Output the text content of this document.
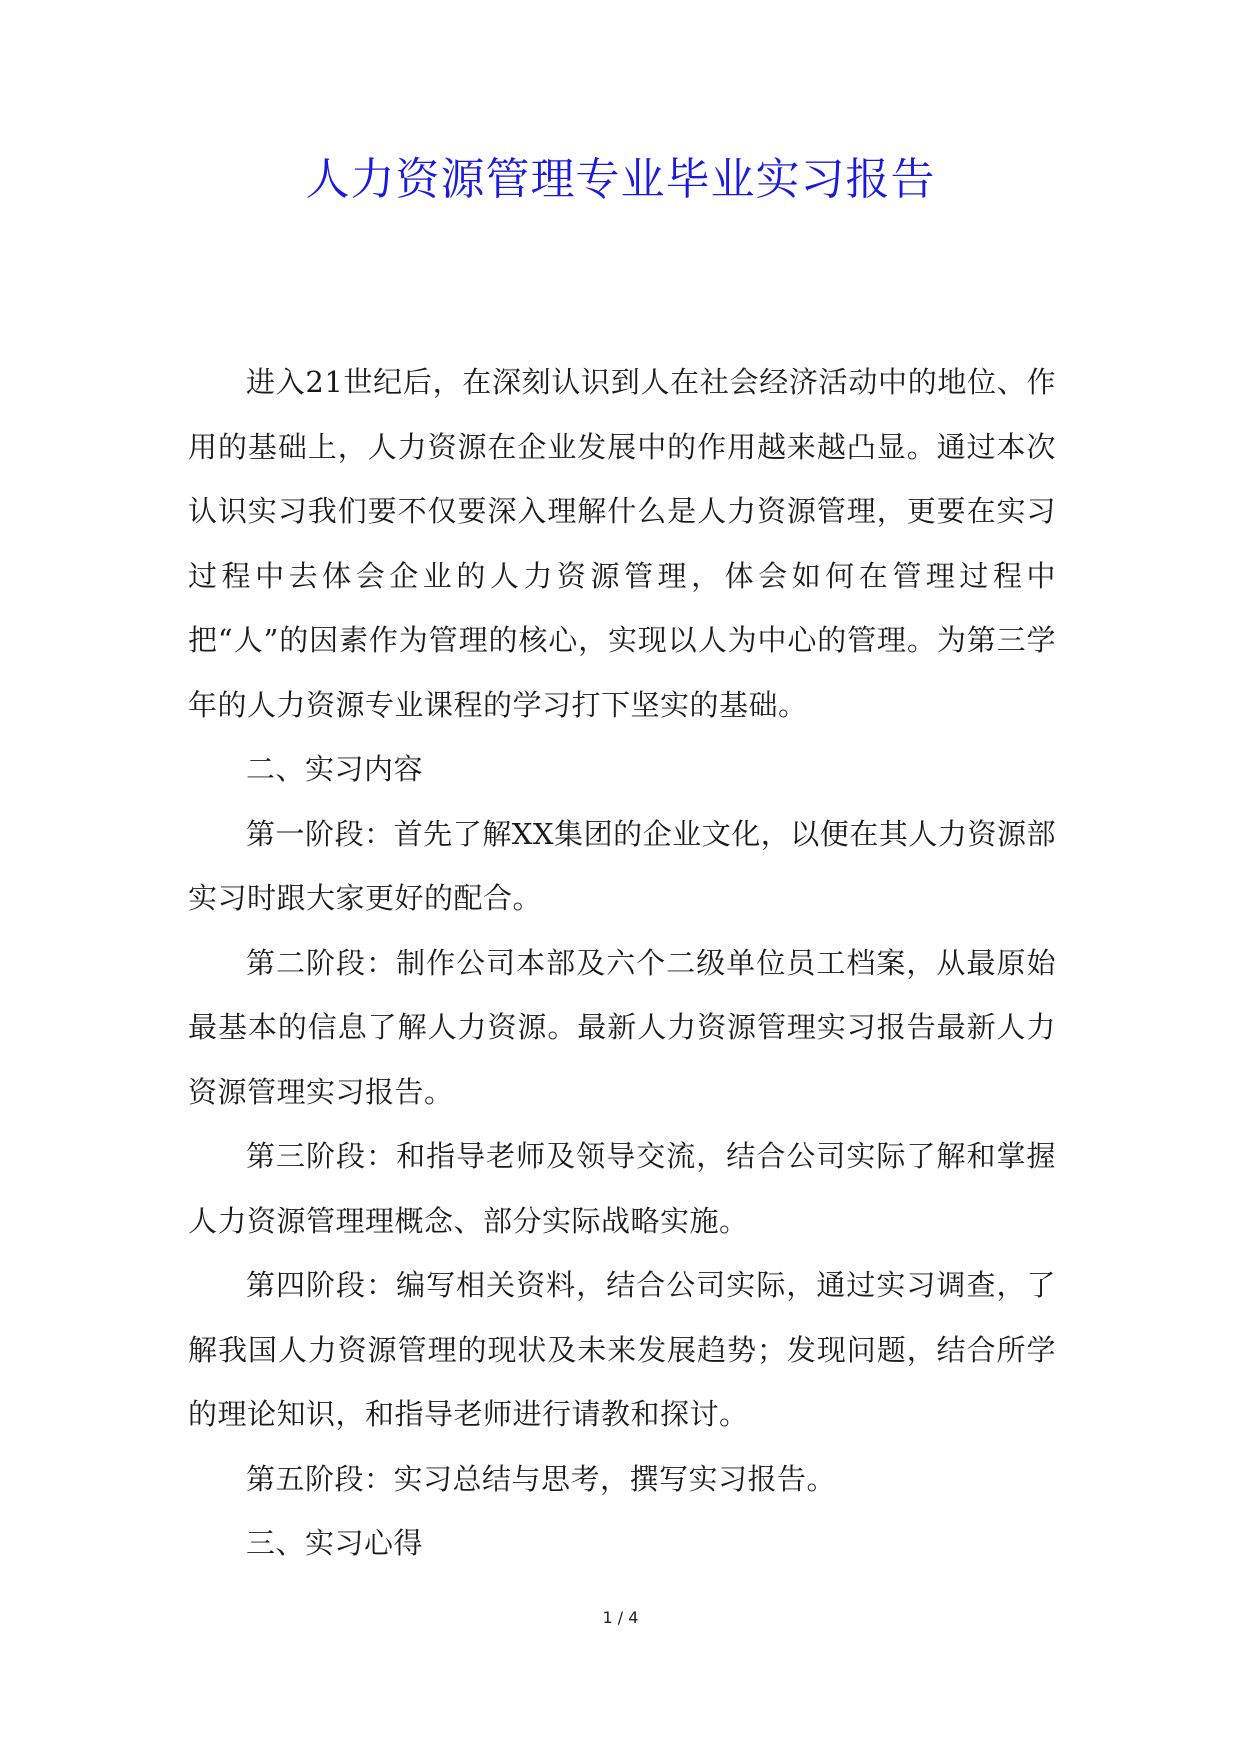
人力资源管理专业毕业实习报告

进入21世纪后，在深刻认识到人在社会经济活动中的地位、作用的基础上，人力资源在企业发展中的作用越来越凸显。通过本次认识实习我们要不仅要深入理解什么是人力资源管理，更要在实习过程中去体会企业的人力资源管理，体会如何在管理过程中把“人”的因素作为管理的核心，实现以人为中心的管理。为第三学年的人力资源专业课程的学习打下坚实的基础。

二、实习内容

第一阶段：首先了解XX集团的企业文化，以便在其人力资源部实习时跟大家更好的配合。

第二阶段：制作公司本部及六个二级单位员工档案，从最原始最基本的信息了解人力资源。最新人力资源管理实习报告最新人力资源管理实习报告。

第三阶段：和指导老师及领导交流，结合公司实际了解和掌握人力资源管理理概念、部分实际战略实施。

第四阶段：编写相关资料，结合公司实际，通过实习调查，了解我国人力资源管理的现状及未来发展趋势；发现问题，结合所学的理论知识，和指导老师进行请教和探讨。

第五阶段：实习总结与思考，撰写实习报告。

三、实习心得

1 / 4
